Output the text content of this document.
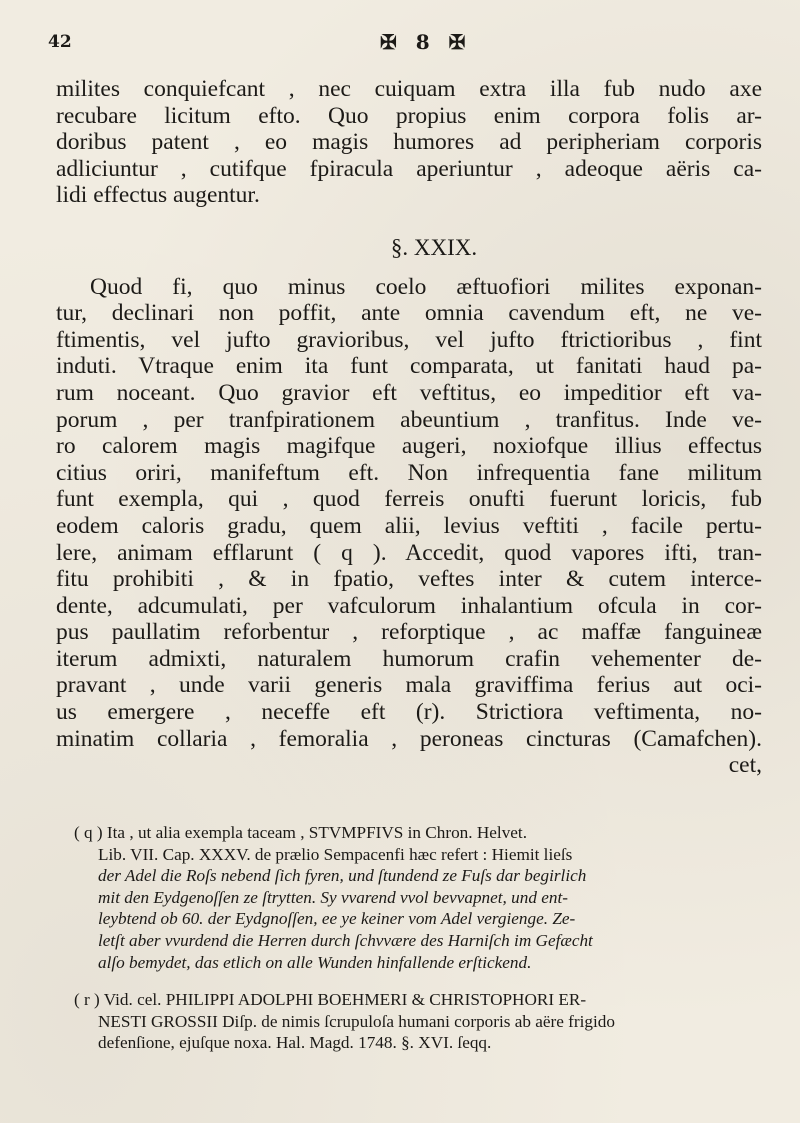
42	✠ 8 ✠
milites conquiefcant , nec cuiquam extra illa fub nudo axe
recubare licitum efto. Quo propius enim corpora folis ar-
doribus patent , eo magis humores ad peripheriam corporis
adliciuntur , cutifque fpiracula aperiuntur , adeoque aëris ca-
lidi effectus augentur.
§. XXIX.
Quod fi, quo minus coelo æftuofiori milites exponan-
tur, declinari non poffit, ante omnia cavendum eft, ne ve-
ftimentis, vel jufto gravioribus, vel jufto ftrictioribus , fint
induti. Vtraque enim ita funt comparata, ut fanitati haud pa-
rum noceant. Quo gravior eft veftitus, eo impeditior eft va-
porum , per tranfpirationem abeuntium , tranfitus. Inde ve-
ro calorem magis magifque augeri, noxiofque illius effectus
citius oriri, manifeftum eft. Non infrequentia fane militum
funt exempla, qui , quod ferreis onufti fuerunt loricis, fub
eodem caloris gradu, quem alii, levius veftiti , facile pertu-
lere, animam efflarunt ( q ). Accedit, quod vapores ifti, tran-
fitu prohibiti , & in fpatio, veftes inter & cutem interce-
dente, adcumulati, per vafculorum inhalantium ofcula in cor-
pus paullatim reforbentur , reforptique , ac maffæ fanguineæ
iterum admixti, naturalem humorum crafin vehementer de-
pravant , unde varii generis mala graviffima ferius aut oci-
us emergere , neceffe eft (r). Strictiora veftimenta, no-
minatim collaria , femoralia , peroneas cincturas (Camafchen).
cet,
( q ) Ita , ut alia exempla taceam , STVMPFIVS in Chron. Helvet.
Lib. VII. Cap. XXXV. de prælio Sempacenfi hæc refert : Hiemit lieſs
der Adel die Roſs nebend ſich fyren, und ſtundend ze Fuſs dar begirlich
mit den Eydgenoſſen ze ſtrytten. Sy vvarend vvol bevvapnet, und ent-
leybtend ob 60. der Eydgnoſſen, ee ye keiner vom Adel vergienge. Ze-
letſt aber vvurdend die Herren durch ſchvvære des Harniſch im Gefæcht
alſo bemydet, das etlich on alle Wunden hinfallende erſtickend.
( r ) Vid. cel. PHILIPPI ADOLPHI BOEHMERI & CHRISTOPHORI ER-
NESTI GROSSII Diſp. de nimis ſcrupuloſa humani corporis ab aëre frigido
defenſione, ejuſque noxa. Hal. Magd. 1748. §. XVI. ſeqq.
